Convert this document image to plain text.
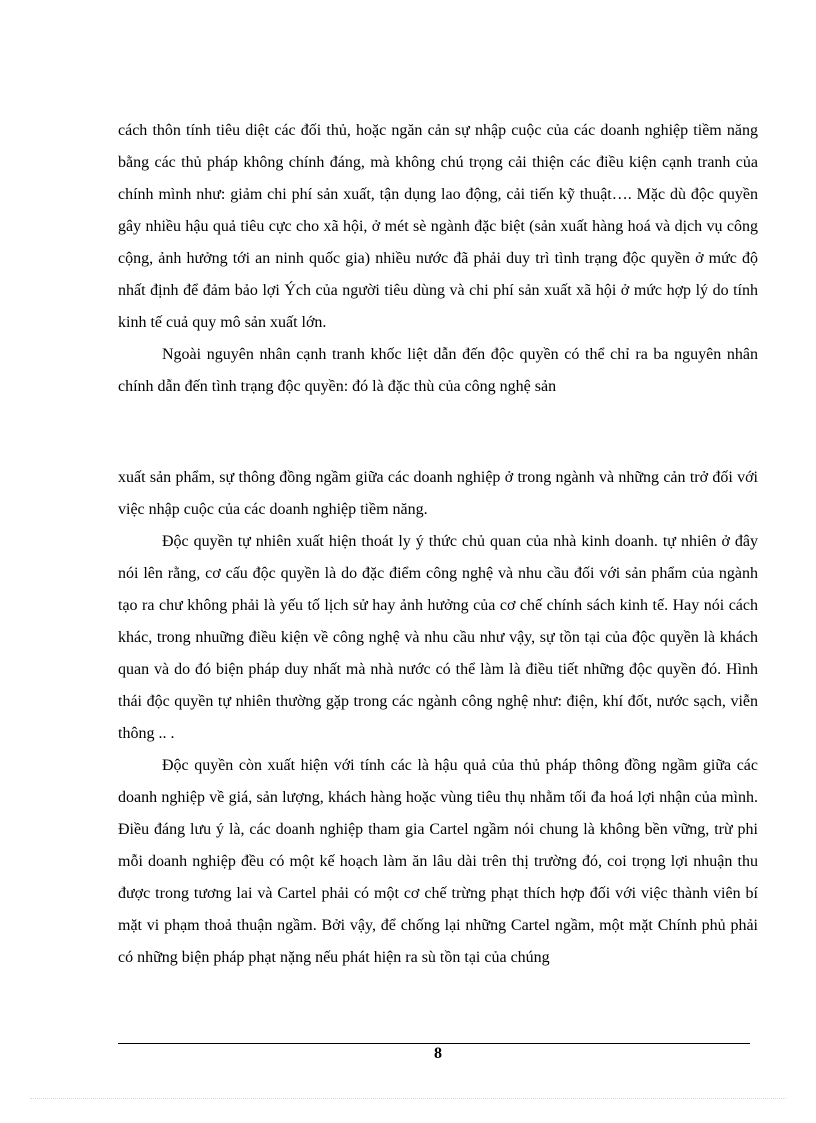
cách thôn tính tiêu diệt các đối thủ, hoặc ngăn cản sự nhập cuộc của các doanh nghiệp tiềm năng bằng các thủ pháp không chính đáng, mà không chú trọng cải thiện các điều kiện cạnh tranh của chính mình như: giảm chi phí sản xuất, tận dụng lao động, cải tiến kỹ thuật…. Mặc dù độc quyền gây nhiều hậu quả tiêu cực cho xã hội, ở mét sè ngành đặc biệt (sản xuất hàng hoá và dịch vụ công cộng, ảnh hưởng tới an ninh quốc gia) nhiều nước đã phải duy trì tình trạng độc quyền ở mức độ nhất định để đảm bảo lợi Ých của người tiêu dùng và chi phí sản xuất xã hội ở mức hợp lý do tính kinh tế cuả quy mô sản xuất lớn.

Ngoài nguyên nhân cạnh tranh khốc liệt dẫn đến độc quyền có thể chỉ ra ba nguyên nhân chính dẫn đến tình trạng độc quyền: đó là đặc thù của công nghệ sản

xuất sản phẩm, sự thông đồng ngầm giữa các doanh nghiệp ở trong ngành và những cản trở đối với việc nhập cuộc của các doanh nghiệp tiềm năng.

Độc quyền tự nhiên xuất hiện thoát ly ý thức chủ quan của nhà kinh doanh. tự nhiên ở đây nói lên rằng, cơ cấu độc quyền là do đặc điểm công nghệ và nhu cầu đối với sản phẩm của ngành tạo ra chư không phải là yếu tố lịch sử hay ảnh hưởng của cơ chế chính sách kinh tế. Hay nói cách khác, trong nhuững điều kiện về công nghệ và nhu cầu như vậy, sự tồn tại của độc quyền là khách quan và do đó biện pháp duy nhất mà nhà nước có thể làm là điều tiết những độc quyền đó. Hình thái độc quyền tự nhiên thường gặp trong các ngành công nghệ như: điện, khí đốt, nước sạch, viễn thông .. .

Độc quyền còn xuất hiện với tính các là hậu quả của thủ pháp thông đồng ngầm giữa các doanh nghiệp về giá, sản lượng, khách hàng hoặc vùng tiêu thụ nhằm tối đa hoá lợi nhận của mình. Điều đáng lưu ý là, các doanh nghiệp tham gia Cartel ngầm nói chung là không bền vững, trừ phi mỗi doanh nghiệp đều có một kế hoạch làm ăn lâu dài trên thị trường đó, coi trọng lợi nhuận thu được trong tương lai và Cartel phải có một cơ chế trừng phạt thích hợp đối với việc thành viên bí mặt vi phạm thoả thuận ngầm. Bởi vậy, để chống lại những Cartel ngầm, một mặt Chính phủ phải có những biện pháp phạt nặng nếu phát hiện ra sù tồn tại của chúng

8
